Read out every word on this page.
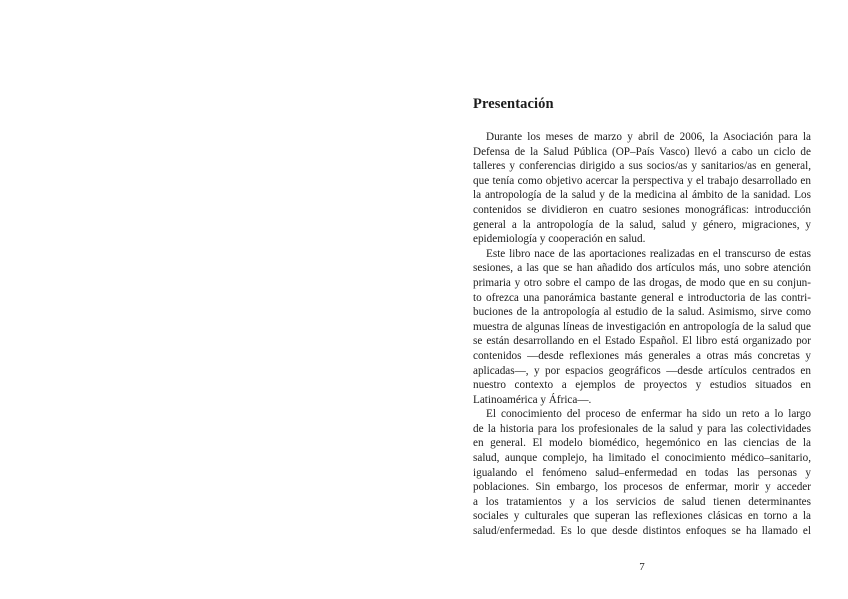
Presentación
Durante los meses de marzo y abril de 2006, la Asociación para la
Defensa de la Salud Pública (OP–País Vasco) llevó a cabo un ciclo de
talleres y conferencias dirigido a sus socios/as y sanitarios/as en general,
que tenía como objetivo acercar la perspectiva y el trabajo desarrollado en
la antropología de la salud y de la medicina al ámbito de la sanidad. Los
contenidos se dividieron en cuatro sesiones monográficas: introducción
general a la antropología de la salud, salud y género, migraciones, y
epidemiología y cooperación en salud.
Este libro nace de las aportaciones realizadas en el transcurso de estas
sesiones, a las que se han añadido dos artículos más, uno sobre atención
primaria y otro sobre el campo de las drogas, de modo que en su conjun-
to ofrezca una panorámica bastante general e introductoria de las contri-
buciones de la antropología al estudio de la salud. Asimismo, sirve como
muestra de algunas líneas de investigación en antropología de la salud que
se están desarrollando en el Estado Español. El libro está organizado por
contenidos —desde reflexiones más generales a otras más concretas y
aplicadas—, y por espacios geográficos —desde artículos centrados en
nuestro contexto a ejemplos de proyectos y estudios situados en
Latinoamérica y África—.
El conocimiento del proceso de enfermar ha sido un reto a lo largo
de la historia para los profesionales de la salud y para las colectividades
en general. El modelo biomédico, hegemónico en las ciencias de la
salud, aunque complejo, ha limitado el conocimiento médico–sanitario,
igualando el fenómeno salud–enfermedad en todas las personas y
poblaciones. Sin embargo, los procesos de enfermar, morir y acceder
a los tratamientos y a los servicios de salud tienen determinantes
sociales y culturales que superan las reflexiones clásicas en torno a la
salud/enfermedad. Es lo que desde distintos enfoques se ha llamado el
7
